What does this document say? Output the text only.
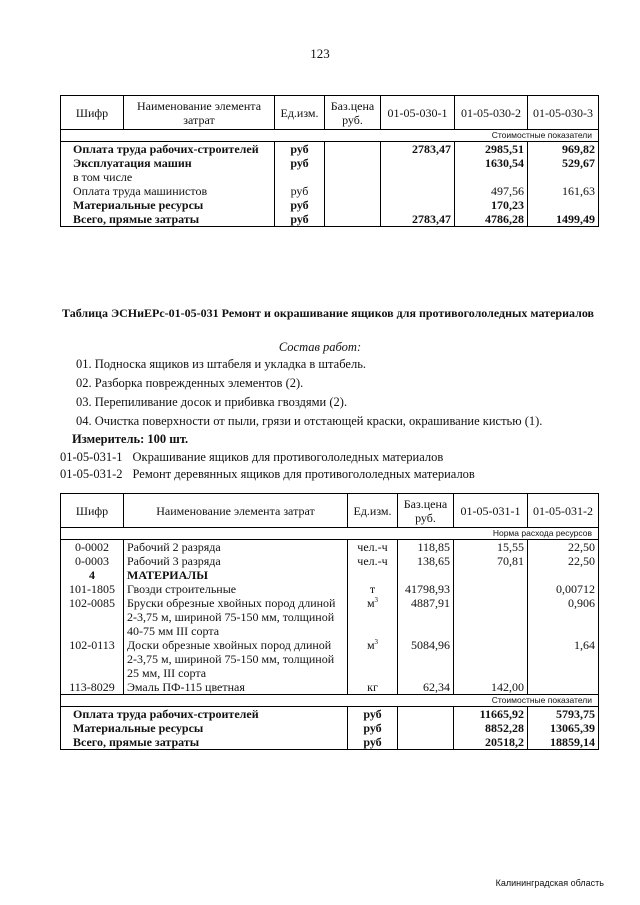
123
Шифр	Наименование элемента затрат	Ед.изм.	Баз.цена руб.	01-05-030-1	01-05-030-2	01-05-030-3
Стоимостные показатели						
Оплата труда рабочих-строителей		руб		2783,47	2985,51	969,82
Эксплуатация машин		руб			1630,54	529,67
в том числе						
Оплата труда машинистов		руб			497,56	161,63
Материальные ресурсы		руб			170,23	
Всего, прямые затраты		руб		2783,47	4786,28	1499,49
Таблица ЭСНиЕРс-01-05-031 Ремонт и окрашивание ящиков для противогололедных материалов
Состав работ:
01. Подноска ящиков из штабеля и укладка в штабель.
02. Разборка поврежденных элементов (2).
03. Перепиливание досок и прибивка гвоздями (2).
04. Очистка поверхности от пыли, грязи и отстающей краски, окрашивание кистью (1).
Измеритель: 100 шт.
01-05-031-1 Окрашивание ящиков для противогололедных материалов
01-05-031-2 Ремонт деревянных ящиков для противогололедных материалов
Шифр	Наименование элемента затрат	Ед.изм.	Баз.цена руб.	01-05-031-1	01-05-031-2
Норма расхода ресурсов					
0-0002	Рабочий 2 разряда	чел.-ч	118,85	15,55	22,50
0-0003	Рабочий 3 разряда	чел.-ч	138,65	70,81	22,50
4	МАТЕРИАЛЫ				
101-1805	Гвозди строительные	т	41798,93		0,00712
102-0085	Бруски обрезные хвойных пород длиной 2-3,75 м, шириной 75-150 мм, толщиной 40-75 мм III сорта	$м^3$	4887,91		0,906
102-0113	Доски обрезные хвойных пород длиной 2-3,75 м, шириной 75-150 мм, толщиной 25 мм, III сорта	$м^3$	5084,96		1,64
113-8029	Эмаль ПФ-115 цветная	кг	62,34	142,00	
Стоимостные показатели					
Оплата труда рабочих-строителей		руб		11665,92	5793,75
Материальные ресурсы		руб		8852,28	13065,39
Всего, прямые затраты		руб		20518,2	18859,14
Калининградская область
